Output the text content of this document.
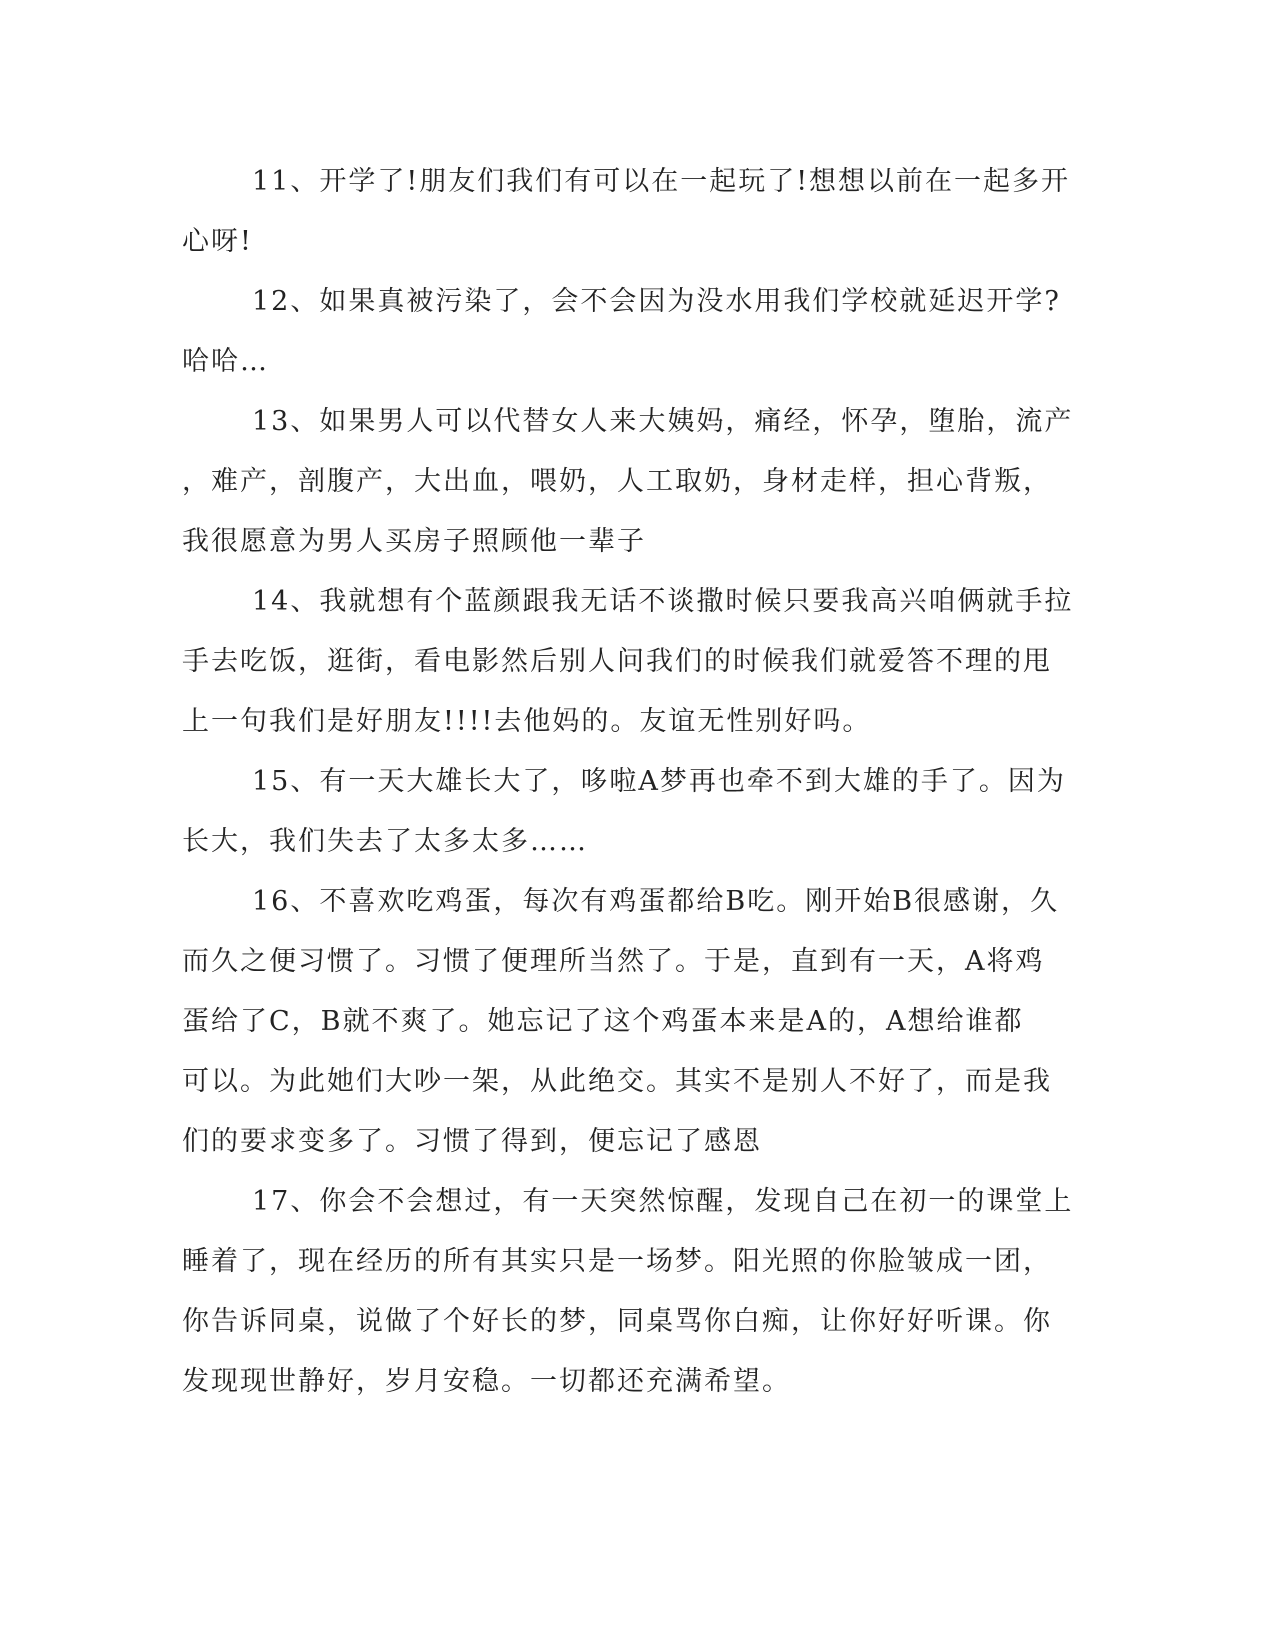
11、开学了!朋友们我们有可以在一起玩了!想想以前在一起多开
心呀!
12、如果真被污染了，会不会因为没水用我们学校就延迟开学?
哈哈…
13、如果男人可以代替女人来大姨妈，痛经，怀孕，堕胎，流产
，难产，剖腹产，大出血，喂奶，人工取奶，身材走样，担心背叛，
我很愿意为男人买房子照顾他一辈子
14、我就想有个蓝颜跟我无话不谈撒时候只要我高兴咱俩就手拉
手去吃饭，逛街，看电影然后别人问我们的时候我们就爱答不理的甩
上一句我们是好朋友!!!!去他妈的。友谊无性别好吗。
15、有一天大雄长大了，哆啦A梦再也牵不到大雄的手了。因为
长大，我们失去了太多太多……
16、不喜欢吃鸡蛋，每次有鸡蛋都给B吃。刚开始B很感谢，久
而久之便习惯了。习惯了便理所当然了。于是，直到有一天，A将鸡
蛋给了C，B就不爽了。她忘记了这个鸡蛋本来是A的，A想给谁都
可以。为此她们大吵一架，从此绝交。其实不是别人不好了，而是我
们的要求变多了。习惯了得到，便忘记了感恩
17、你会不会想过，有一天突然惊醒，发现自己在初一的课堂上
睡着了，现在经历的所有其实只是一场梦。阳光照的你脸皱成一团，
你告诉同桌，说做了个好长的梦，同桌骂你白痴，让你好好听课。你
发现现世静好，岁月安稳。一切都还充满希望。
